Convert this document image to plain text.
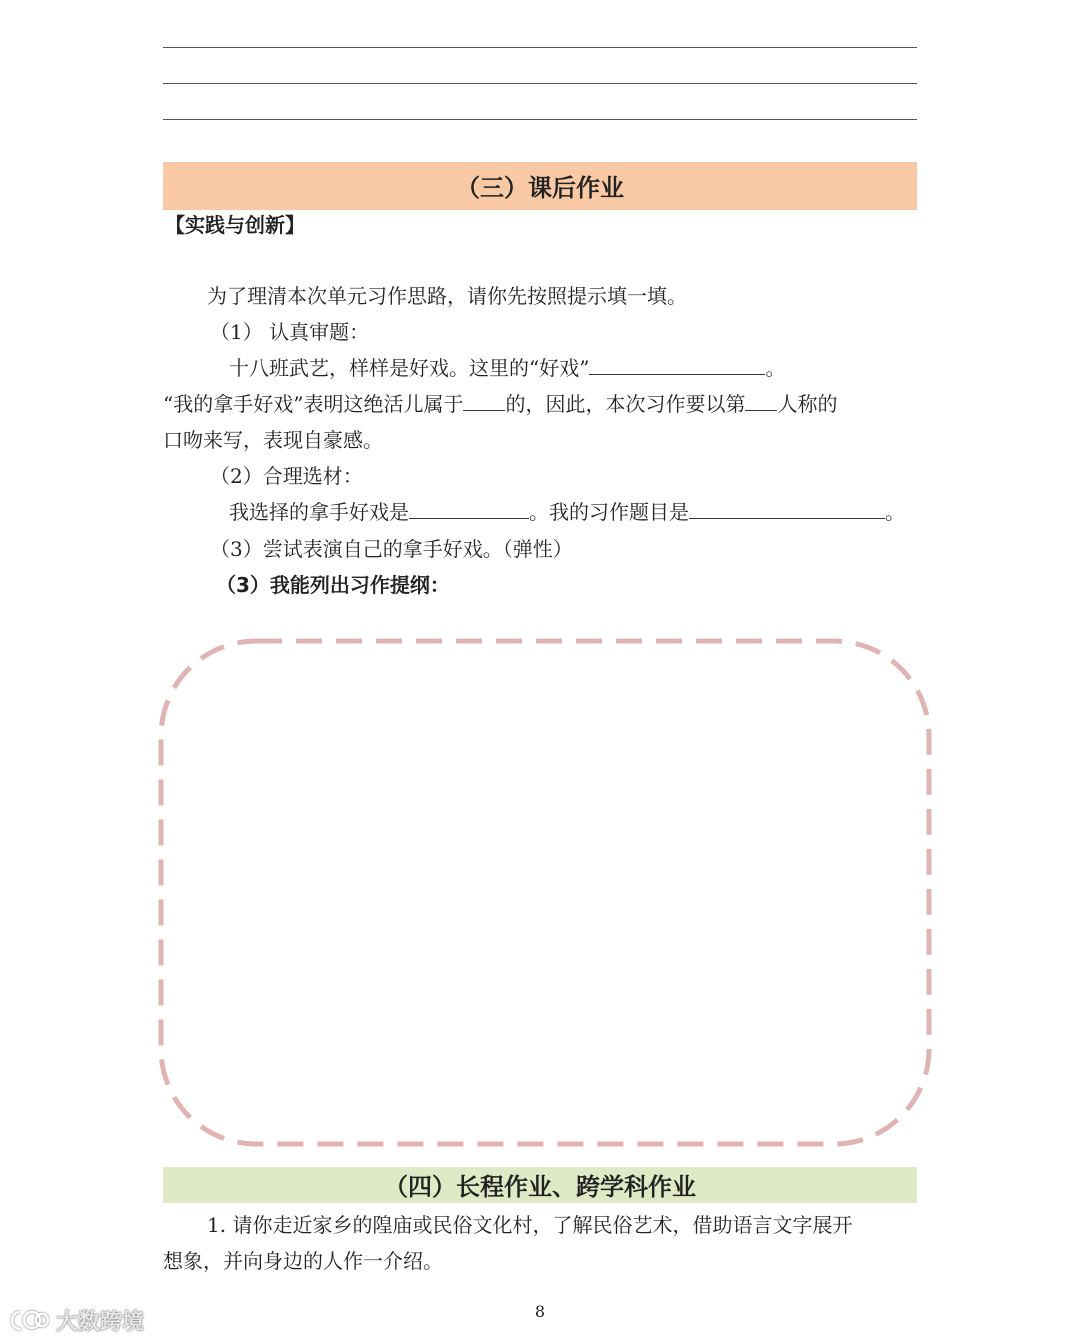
（三）课后作业
【实践与创新】
为了理清本次单元习作思路，请你先按照提示填一填。
（1） 认真审题：
十八班武艺，样样是好戏。这里的“好戏”	。
“我的拿手好戏”表明这绝活儿属于 的，因此，本次习作要以第 人称的
口吻来写，表现自豪感。
（2）合理选材：
我选择的拿手好戏是	。我的习作题目是	。
（3）尝试表演自己的拿手好戏。（弹性）
（3）我能列出习作提纲：
（四）长程作业、跨学科作业
1. 请你走近家乡的隍庙或民俗文化村，了解民俗艺术，借助语言文字展开
想象，并向身边的人作一介绍。
8
大数跨境
